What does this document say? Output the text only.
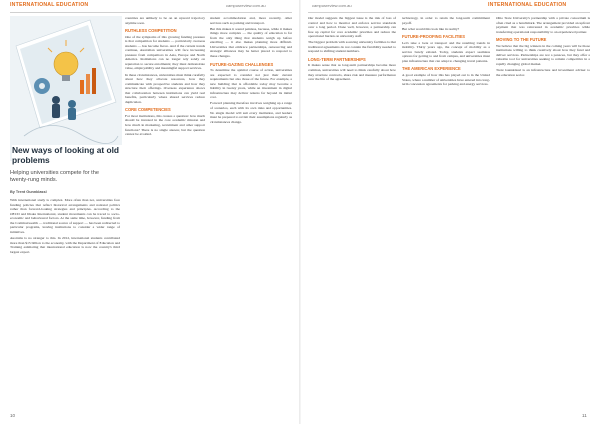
INTERNATIONAL EDUCATION	campusreview.com.au	campusreview.com.au	INTERNATIONAL EDUCATION
New ways of looking at old problems
Helping universities compete for the twenty-rung minds.
By Trent Gunnklassl

With international study is complex. More often than not, universities face funding policies that reflect historical arrangements and national politics rather than forward-looking strategies and principles. According to the OECD and Ithaka International, student movements can be traced to socio-economic and behavioural factors. At the same time, however, funding from the Commonwealth — traditional source of support — has been redirected to particular programs, leaving institutions to consider a wider range of initiatives.

Australia is no stranger to this. In 2012, international students contributed more than $15 billion to the economy, with the Department of Education and Training estimating that international education is now the country's third largest export.

countries are unlikely to be on an upward trajectory anytime soon.

RUTHLESS COMPETITION

One of the symptoms of this growing funding pressure is that competition for students — particularly overseas students — has become fierce. And if the current trends continue, Australian universities will face increasing pressure from competitors in Asia, Europe and North America. Institutions can no longer rely solely on reputation to secure enrolments; they must demonstrate value, employability and meaningful support services.

In these circumstances, universities must think carefully about how they allocate resources, how they communicate with prospective students and how they structure their offerings. Overseas experience shows that collaboration between institutions can yield real benefits, particularly where shared services reduce duplication.

CORE COMPETENCIES

For most institutions, this creates a question: how much should be invested in the core academic mission and how much in marketing, recruitment and other support functions? There is no single answer, but the question cannot be avoided.

student accommodation and, more recently, other services such as parking and transport.

But this makes it sound painless, because, while it makes things more complex — the quality of education is far from the only thing that students weigh up before enrolling — it also makes planning more difficult. Universities that embrace partnerships, outsourcing and strategic alliances may be better placed to respond to these changes.

FUTURE-GAZING CHALLENGES

To determine the optimal course of action, universities are expected to consider not just their current requirements but also those of the future. For example, a new building that is affordable today may become a liability in twenty years, while an investment in digital infrastructure may deliver returns far beyond its initial cost.

Forward planning therefore involves weighing up a range of scenarios, each with its own risks and opportunities. No single model will suit every institution, and leaders must be prepared to revisit their assumptions regularly as circumstances change.

Our model suggests the biggest issue is the risk of loss of control and how to monitor and enforce service standards over a long period. Done well, however, a partnership can free up capital for core academic priorities and reduce the operational burden on university staff.

The biggest problem with sourcing university facilities is that traditional agreements do not contain the flexibility needed to respond to shifting student numbers.

LONG-TERM PARTNERSHIPS

It makes sense that as long-term partnerships become more common, universities will need to think carefully about how they structure contracts, share risk and measure performance over the life of the agreement.

technology, in order to retain the long-term commitment payoff.

But what would this look like in reality?

FUTURE-PROOFING FACILITIES

Let's take a look at transport and the resulting trends in mobility. Thirty years ago, the concept of mobility as a service barely existed. Today, students expect seamless options for getting to and from campus, and universities must plan infrastructure that can adapt to changing travel patterns.

THE AMERICAN EXPERIENCE

A good example of how this has played out is in the United States, where a number of universities have entered into long-term concession agreements for parking and energy services.

Ohio State University's partnership with a private consortium is often cited as a benchmark. The arrangement provided an upfront payment that was reinvested in academic priorities while transferring operational responsibility to an experienced partner.

MOVING TO THE FUTURE

We believe that the big winners in the coming years will be those institutions willing to think creatively about how they fund and deliver services. Partnerships are not a panacea, but they offer a valuable tool for universities seeking to remain competitive in a rapidly changing global market.

Trent Gunnklassl is an infrastructure and investment adviser to the education sector.

10	11
